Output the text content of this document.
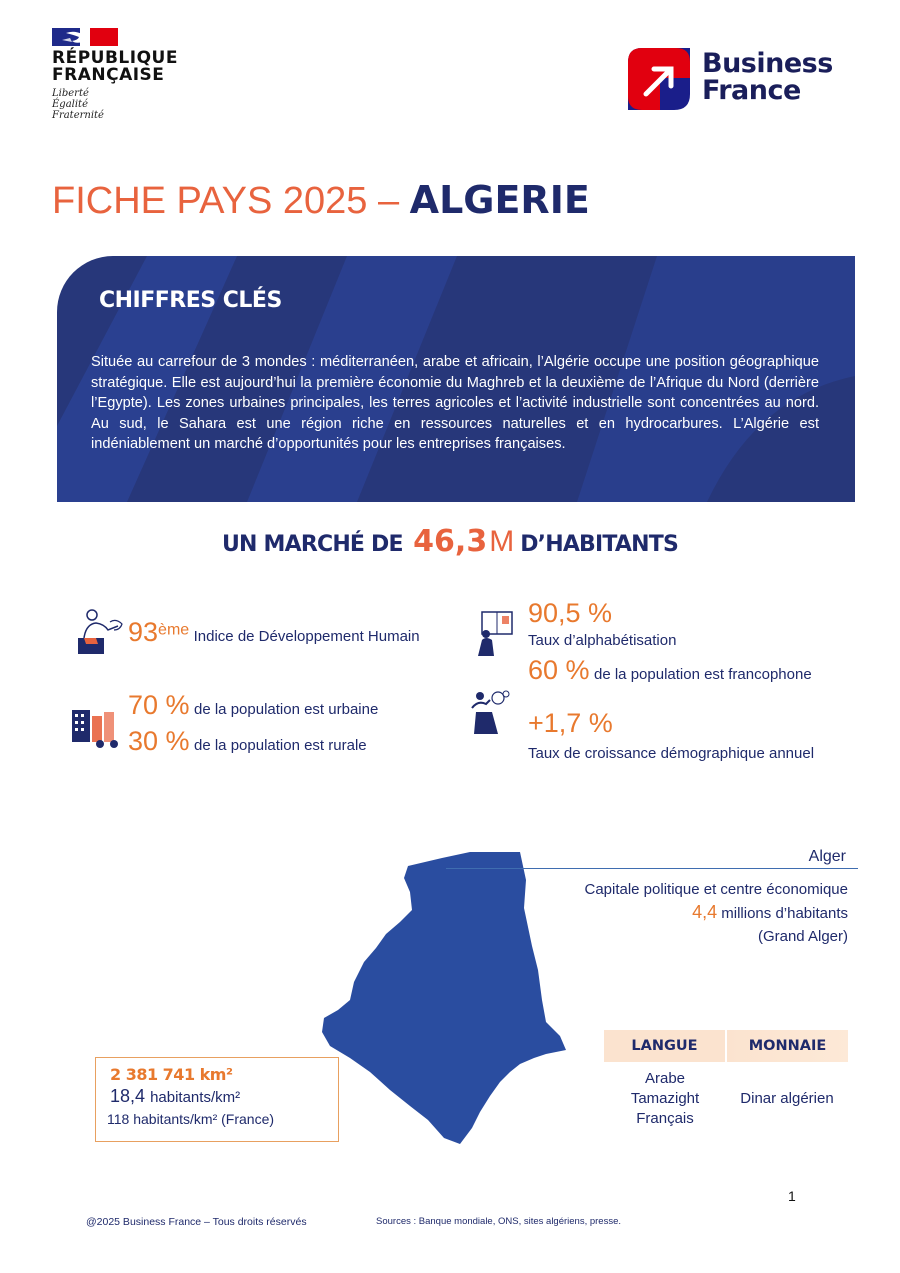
RÉPUBLIQUE
FRANÇAISE
Liberté
Égalité
Fraternité
Business
France
FICHE PAYS 2025 – ALGERIE
CHIFFRES CLÉS
Située au carrefour de 3 mondes : méditerranéen, arabe et africain, l’Algérie occupe une position géographique stratégique. Elle est aujourd’hui la première économie du Maghreb et la deuxième de l’Afrique du Nord (derrière l’Egypte). Les zones urbaines principales, les terres agricoles et l’activité industrielle sont concentrées au nord. Au sud, le Sahara est une région riche en ressources naturelles et en hydrocarbures. L’Algérie est indéniablement un marché d’opportunités pour les entreprises françaises.
UN MARCHÉ DE 46,3M D’HABITANTS
93ème Indice de Développement Humain
70 % de la population est urbaine
30 % de la population est rurale
90,5 %
Taux d’alphabétisation
60 % de la population est francophone
+1,7 %
Taux de croissance démographique annuel
Alger
Capitale politique et centre économique
4,4 millions d’habitants
(Grand Alger)
2 381 741 km²
18,4 habitants/km²
118 habitants/km² (France)
LANGUE	MONNAIE
Arabe
Tamazight
Français
Dinar algérien
1
@2025 Business France – Tous droits réservés	Sources : Banque mondiale, ONS, sites algériens, presse.
